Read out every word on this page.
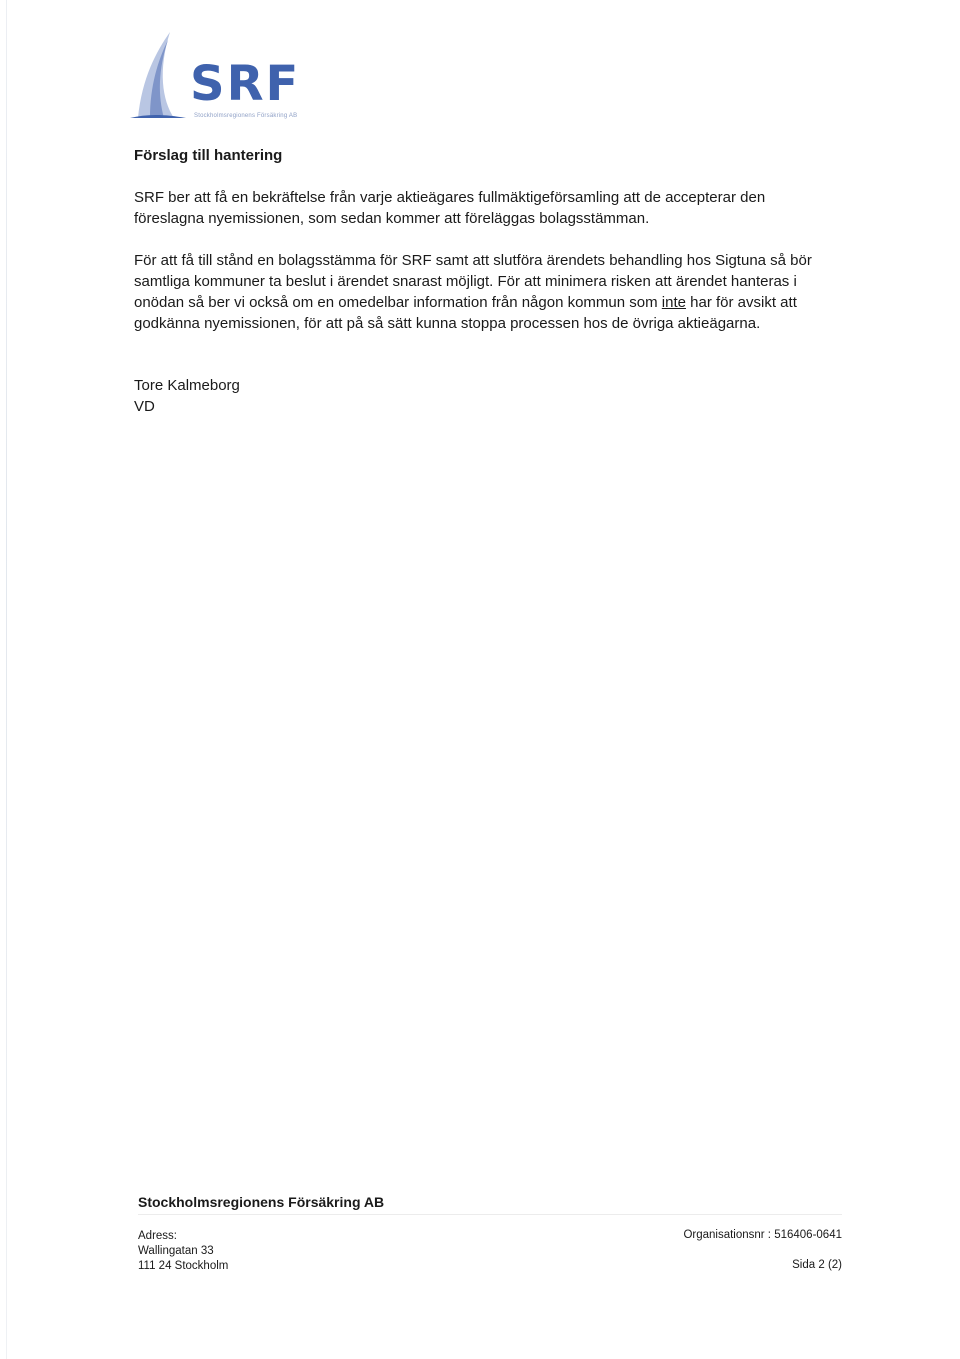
SRF
Stockholmsregionens Försäkring AB
Förslag till hantering
SRF ber att få en bekräftelse från varje aktieägares fullmäktigeförsamling att de accepterar den
föreslagna nyemissionen, som sedan kommer att föreläggas bolagsstämman.
För att få till stånd en bolagsstämma för SRF samt att slutföra ärendets behandling hos Sigtuna så bör
samtliga kommuner ta beslut i ärendet snarast möjligt. För att minimera risken att ärendet hanteras i
onödan så ber vi också om en omedelbar information från någon kommun som inte har för avsikt att
godkänna nyemissionen, för att på så sätt kunna stoppa processen hos de övriga aktieägarna.
Tore Kalmeborg
VD
Stockholmsregionens Försäkring AB
Adress:
Wallingatan 33
111 24 Stockholm
Organisationsnr : 516406-0641
Sida 2 (2)
